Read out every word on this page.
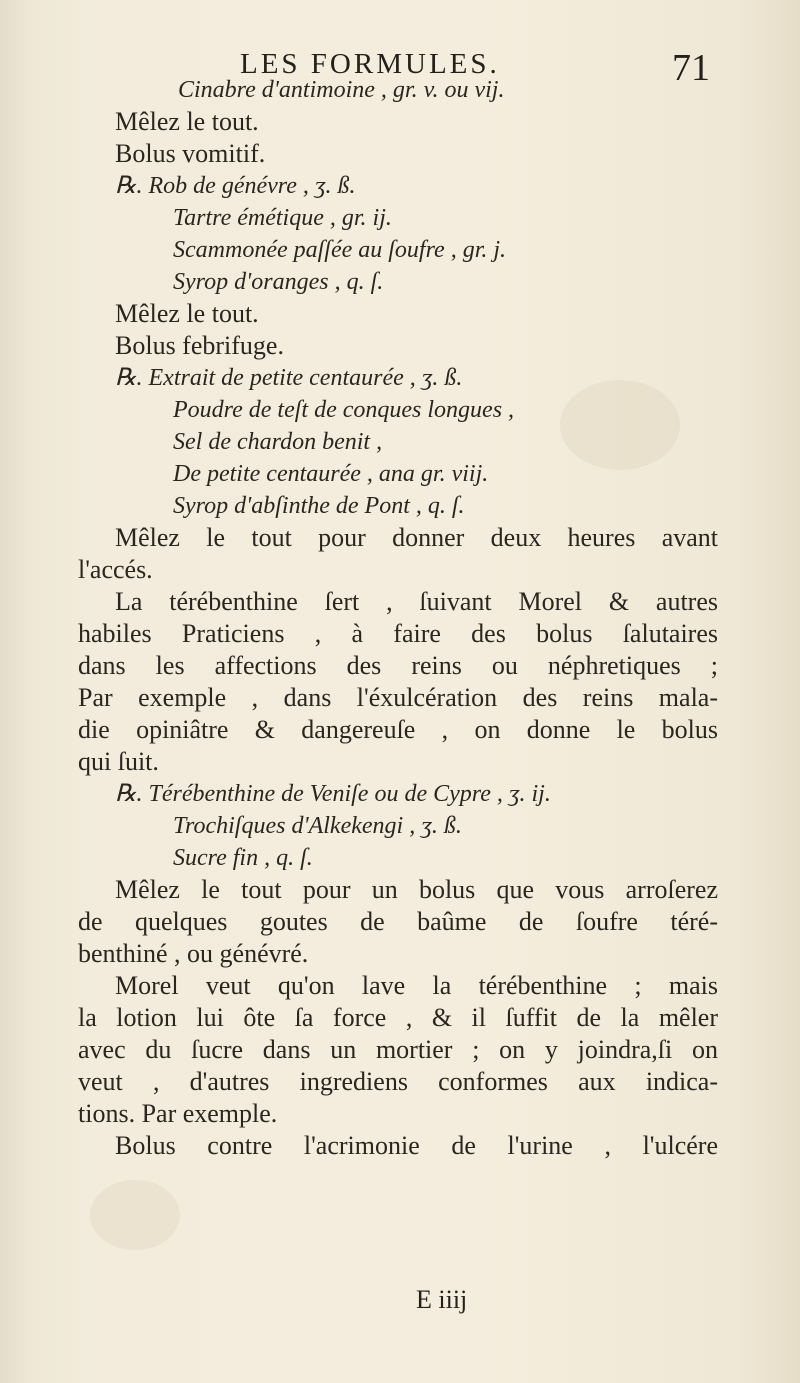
LES FORMULES.	71
Cinabre d'antimoine , gr. v. ou vij.
Mêlez le tout.
Bolus vomitif.
℞. Rob de génévre , ʒ. ß.
Tartre émétique , gr. ij.
Scammonée paſſée au ſoufre , gr. j.
Syrop d'oranges , q. ſ.
Mêlez le tout.
Bolus febrifuge.
℞. Extrait de petite centaurée , ʒ. ß.
Poudre de teſt de conques longues ,
Sel de chardon benit ,
De petite centaurée , ana gr. viij.
Syrop d'abſinthe de Pont , q. ſ.
Mêlez le tout pour donner deux heures avant
l'accés.
La térébenthine ſert , ſuivant Morel & autres
habiles Praticiens , à faire des bolus ſalutaires
dans les affections des reins ou néphretiques ;
Par exemple , dans l'éxulcération des reins mala-
die opiniâtre & dangereuſe , on donne le bolus
qui ſuit.
℞. Térébenthine de Veniſe ou de Cypre , ʒ. ij.
Trochiſques d'Alkekengi , ʒ. ß.
Sucre fin , q. ſ.
Mêlez le tout pour un bolus que vous arroſerez
de quelques goutes de baûme de ſoufre téré-
benthiné , ou génévré.
Morel veut qu'on lave la térébenthine ; mais
la lotion lui ôte ſa force , & il ſuffit de la mêler
avec du ſucre dans un mortier ; on y joindra,ſi on
veut , d'autres ingrediens conformes aux indica-
tions. Par exemple.
Bolus contre l'acrimonie de l'urine , l'ulcére
E iiij
